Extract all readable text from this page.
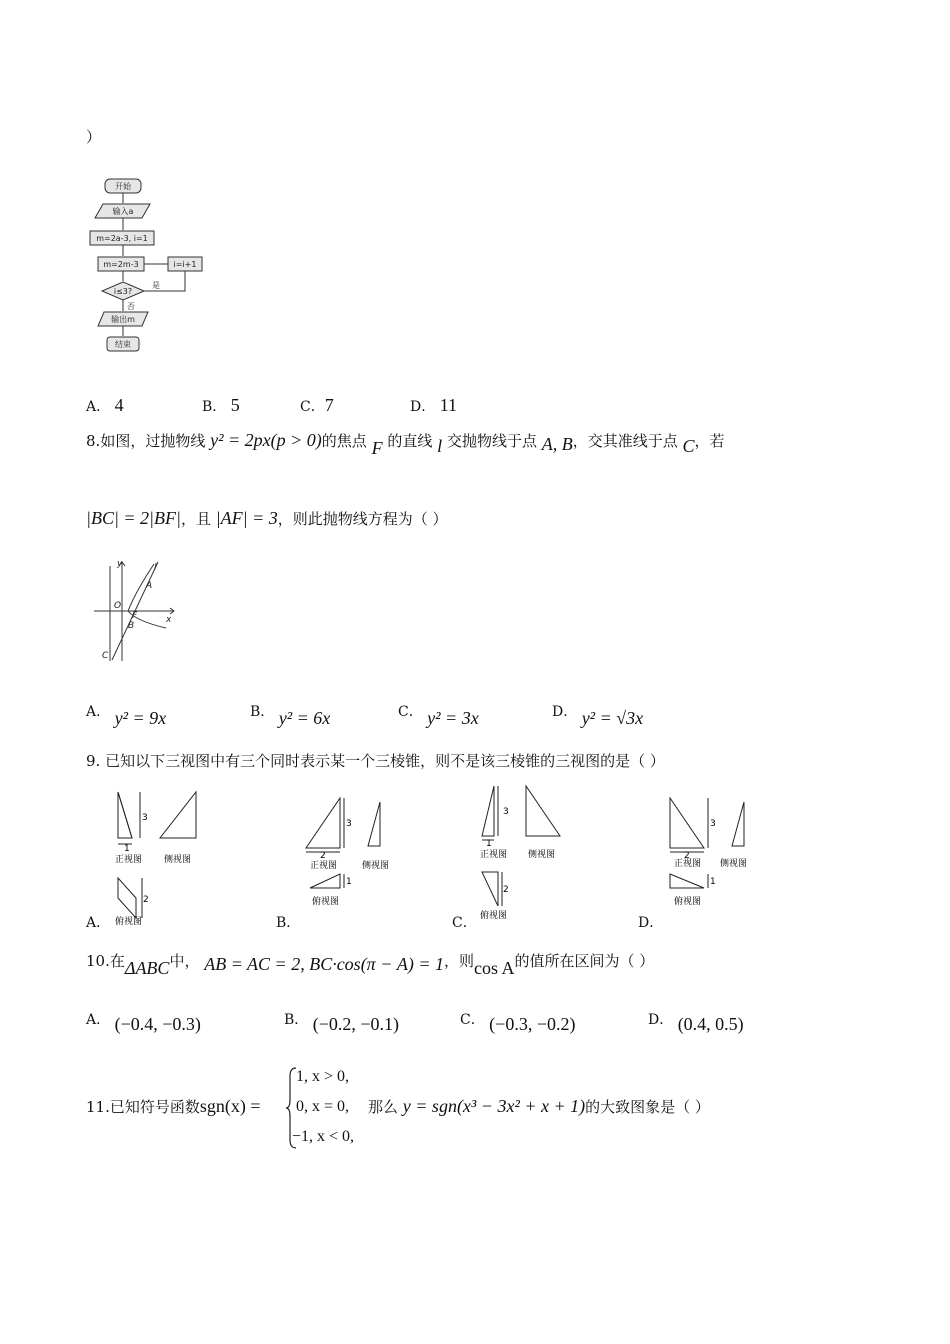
）
开始
输入a
m=2a-3, i=1
m=2m-3	i=i+1
i≤3?
是
否
输出m
结束
A． 4	B． 5	C．7	D． 11
8.如图，过抛物线 y² = 2px(p > 0)的焦点 F 的直线 l 交抛物线于点 A, B，交其准线于点 C，若
|BC| = 2|BF|，且 |AF| = 3，则此抛物线方程为（ ）
y
x
O
F
A
B
C
l
A． y² = 9x	B． y² = 6x	C． y² = 3x	D． y² = √3x
9. 已知以下三视图中有三个同时表示某一个三棱锥，则不是该三棱锥的三视图的是（ ）
3
1
正视图 侧视图
2
俯视图
A．
3
2
正视图	侧视图
1
俯视图
B．
3
1
正视图 侧视图
2
俯视图
C．
3
2
正视图 侧视图
1
俯视图
D．
10.在ΔABC中， AB = AC = 2, BC·cos(π − A) = 1，则cos A的值所在区间为（ ）
A． (−0.4, −0.3)	B． (−0.2, −0.1)	C． (−0.3, −0.2)	D． (0.4, 0.5)
11.已知符号函数sgn(x) =
1, x > 0,
0, x = 0,
−1, x < 0,
那么 y = sgn(x³ − 3x² + x + 1)的大致图象是（ ）
